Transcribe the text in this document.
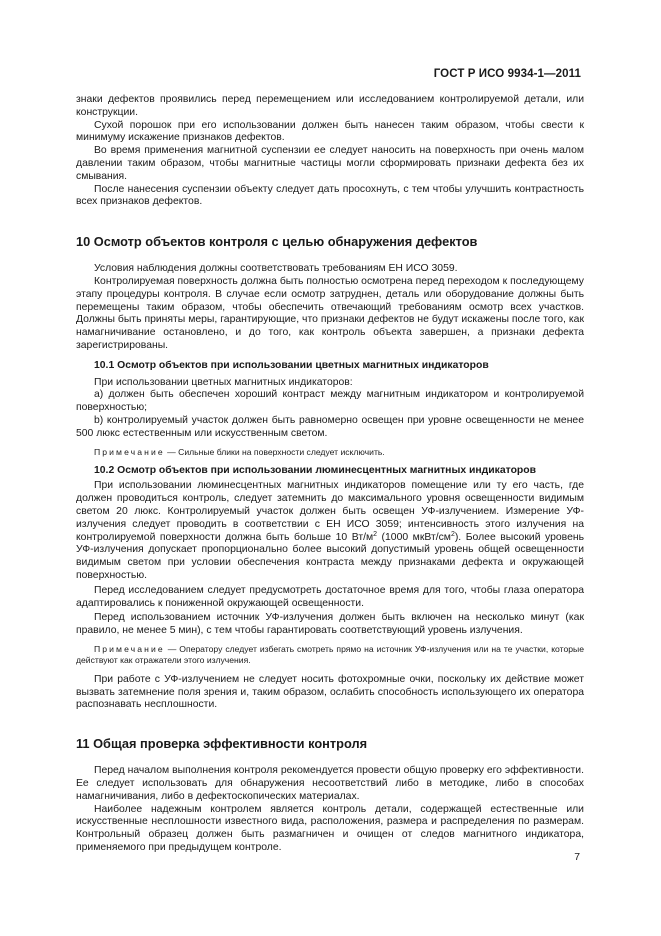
ГОСТ Р ИСО 9934-1—2011

знаки дефектов проявились перед перемещением или исследованием контролируемой детали, или конструкции.

Сухой порошок при его использовании должен быть нанесен таким образом, чтобы свести к минимуму искажение признаков дефектов.

Во время применения магнитной суспензии ее следует наносить на поверхность при очень малом давлении таким образом, чтобы магнитные частицы могли сформировать признаки дефекта без их смывания.

После нанесения суспензии объекту следует дать просохнуть, с тем чтобы улучшить контрастность всех признаков дефектов.

10 Осмотр объектов контроля с целью обнаружения дефектов

Условия наблюдения должны соответствовать требованиям ЕН ИСО 3059.

Контролируемая поверхность должна быть полностью осмотрена перед переходом к последующему этапу процедуры контроля. В случае если осмотр затруднен, деталь или оборудование должны быть перемещены таким образом, чтобы обеспечить отвечающий требованиям осмотр всех участков. Должны быть приняты меры, гарантирующие, что признаки дефектов не будут искажены после того, как намагничивание остановлено, и до того, как контроль объекта завершен, а признаки дефекта зарегистрированы.

10.1 Осмотр объектов при использовании цветных магнитных индикаторов

При использовании цветных магнитных индикаторов:

а) должен быть обеспечен хороший контраст между магнитным индикатором и контролируемой поверхностью;

b) контролируемый участок должен быть равномерно освещен при уровне освещенности не менее 500 люкс естественным или искусственным светом.

Примечание — Сильные блики на поверхности следует исключить.

10.2 Осмотр объектов при использовании люминесцентных магнитных индикаторов

При использовании люминесцентных магнитных индикаторов помещение или ту его часть, где должен проводиться контроль, следует затемнить до максимального уровня освещенности видимым светом 20 люкс. Контролируемый участок должен быть освещен УФ-излучением. Измерение УФ-излучения следует проводить в соответствии с ЕН ИСО 3059; интенсивность этого излучения на контролируемой поверхности должна быть больше 10 $Вт/м^2$ (1000 мкВт/$см^2$). Более высокий уровень УФ-излучения допускает пропорционально более высокий допустимый уровень общей освещенности видимым светом при условии обеспечения контраста между признаками дефекта и окружающей поверхностью.

Перед исследованием следует предусмотреть достаточное время для того, чтобы глаза оператора адаптировались к пониженной окружающей освещенности.

Перед использованием источник УФ-излучения должен быть включен на несколько минут (как правило, не менее 5 мин), с тем чтобы гарантировать соответствующий уровень излучения.

Примечание — Оператору следует избегать смотреть прямо на источник УФ-излучения или на те участки, которые действуют как отражатели этого излучения.

При работе с УФ-излучением не следует носить фотохромные очки, поскольку их действие может вызвать затемнение поля зрения и, таким образом, ослабить способность использующего их оператора распознавать несплошности.

11 Общая проверка эффективности контроля

Перед началом выполнения контроля рекомендуется провести общую проверку его эффективности. Ее следует использовать для обнаружения несоответствий либо в методике, либо в способах намагничивания, либо в дефектоскопических материалах.

Наиболее надежным контролем является контроль детали, содержащей естественные или искусственные несплошности известного вида, расположения, размера и распределения по размерам. Контрольный образец должен быть размагничен и очищен от следов магнитного индикатора, применяемого при предыдущем контроле.

7
